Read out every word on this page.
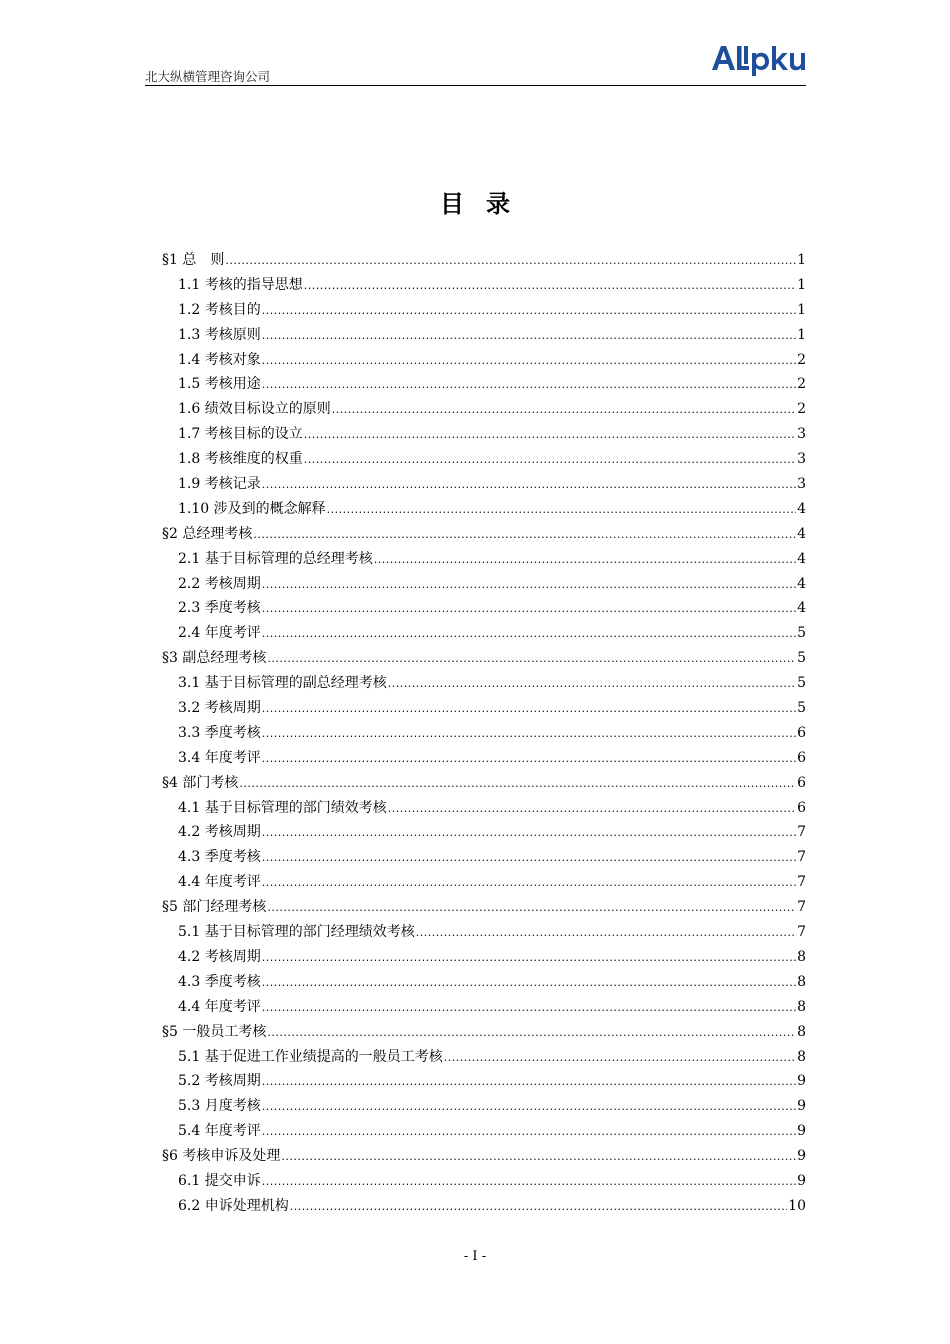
北大纵横管理咨询公司
目录
§1 总　则 .....	1
1.1 考核的指导思想 .....	1
1.2 考核目的 .....	1
1.3 考核原则 .....	1
1.4 考核对象 .....	2
1.5 考核用途 .....	2
1.6 绩效目标设立的原则 .....	2
1.7 考核目标的设立 .....	3
1.8 考核维度的权重 .....	3
1.9 考核记录 .....	3
1.10 涉及到的概念解释 .....	4
§2 总经理考核 .....	4
2.1 基于目标管理的总经理考核 .....	4
2.2 考核周期 .....	4
2.3 季度考核 .....	4
2.4 年度考评 .....	5
§3 副总经理考核 .....	5
3.1 基于目标管理的副总经理考核 .....	5
3.2 考核周期 .....	5
3.3 季度考核 .....	6
3.4 年度考评 .....	6
§4 部门考核 .....	6
4.1 基于目标管理的部门绩效考核 .....	6
4.2 考核周期 .....	7
4.3 季度考核 .....	7
4.4 年度考评 .....	7
§5 部门经理考核 .....	7
5.1 基于目标管理的部门经理绩效考核 .....	7
4.2 考核周期 .....	8
4.3 季度考核 .....	8
4.4 年度考评 .....	8
§5 一般员工考核 .....	8
5.1 基于促进工作业绩提高的一般员工考核 .....	8
5.2 考核周期 .....	9
5.3 月度考核 .....	9
5.4 年度考评 .....	9
§6 考核申诉及处理 .....	9
6.1 提交申诉 .....	9
6.2 申诉处理机构 .....	10
- I -
